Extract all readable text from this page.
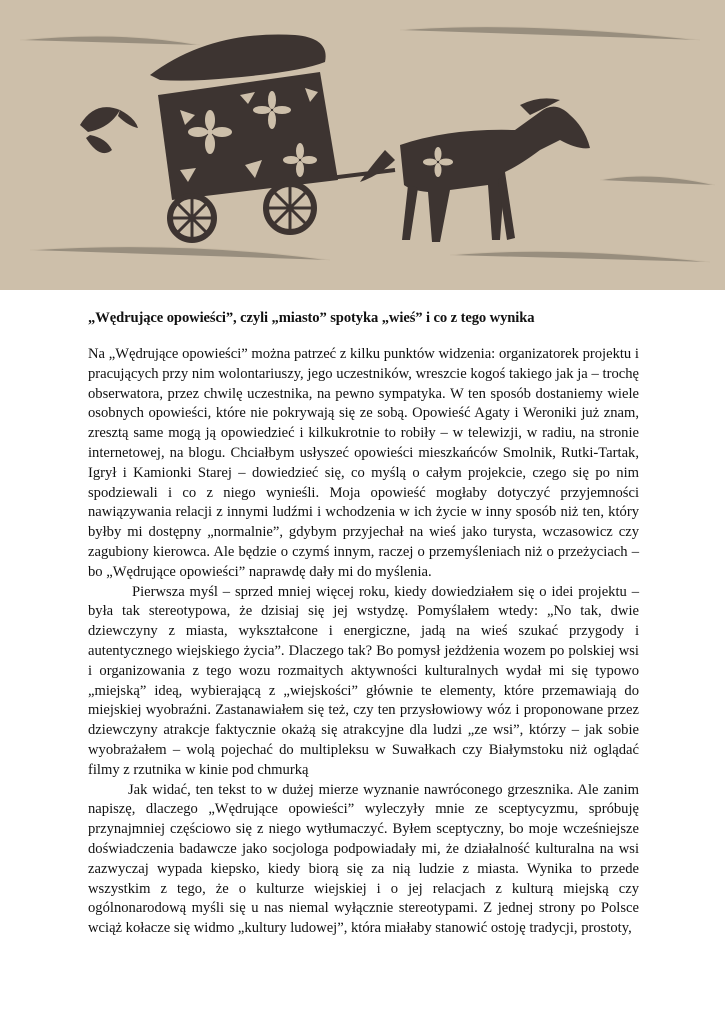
„Wędrujące opowieści”, czyli „miasto” spotyka „wieś” i co z tego wynika

Na „Wędrujące opowieści” można patrzeć z kilku punktów widzenia: organizatorek projektu i pracujących przy nim wolontariuszy, jego uczestników, wreszcie kogoś takiego jak ja – trochę obserwatora, przez chwilę uczestnika, na pewno sympatyka. W ten sposób dostaniemy wiele osobnych opowieści, które nie pokrywają się ze sobą. Opowieść Agaty i Weroniki już znam, zresztą same mogą ją opowiedzieć i kilkukrotnie to robiły – w telewizji, w radiu, na stronie internetowej, na blogu. Chciałbym usłyszeć opowieści mieszkańców Smolnik, Rutki-Tartak, Igrył i Kamionki Starej – dowiedzieć się, co myślą o całym projekcie, czego się po nim spodziewali i co z niego wynieśli. Moja opowieść mogłaby dotyczyć przyjemności nawiązywania relacji z innymi ludźmi i wchodzenia w ich życie w inny sposób niż ten, który byłby mi dostępny „normalnie”, gdybym przyjechał na wieś jako turysta, wczasowicz czy zagubiony kierowca. Ale będzie o czymś innym, raczej o przemyśleniach niż o przeżyciach – bo „Wędrujące opowieści” naprawdę dały mi do myślenia.

Pierwsza myśl – sprzed mniej więcej roku, kiedy dowiedziałem się o idei projektu – była tak stereotypowa, że dzisiaj się jej wstydzę. Pomyślałem wtedy: „No tak, dwie dziewczyny z miasta, wykształcone i energiczne, jadą na wieś szukać przygody i autentycznego wiejskiego życia”. Dlaczego tak? Bo pomysł jeżdżenia wozem po polskiej wsi i organizowania z tego wozu rozmaitych aktywności kulturalnych wydał mi się typowo „miejską” ideą, wybierającą z „wiejskości” głównie te elementy, które przemawiają do miejskiej wyobraźni. Zastanawiałem się też, czy ten przysłowiowy wóz i proponowane przez dziewczyny atrakcje faktycznie okażą się atrakcyjne dla ludzi „ze wsi”, którzy – jak sobie wyobrażałem – wolą pojechać do multipleksu w Suwałkach czy Białymstoku niż oglądać filmy z rzutnika w kinie pod chmurką

Jak widać, ten tekst to w dużej mierze wyznanie nawróconego grzesznika. Ale zanim napiszę, dlaczego „Wędrujące opowieści” wyleczyły mnie ze sceptycyzmu, spróbuję przynajmniej częściowo się z niego wytłumaczyć. Byłem sceptyczny, bo moje wcześniejsze doświadczenia badawcze jako socjologa podpowiadały mi, że działalność kulturalna na wsi zazwyczaj wypada kiepsko, kiedy biorą się za nią ludzie z miasta. Wynika to przede wszystkim z tego, że o kulturze wiejskiej i o jej relacjach z kulturą miejską czy ogólnonarodową myśli się u nas niemal wyłącznie stereotypami. Z jednej strony po Polsce wciąż kołacze się widmo „kultury ludowej”, która miałaby stanowić ostoję tradycji, prostoty,
